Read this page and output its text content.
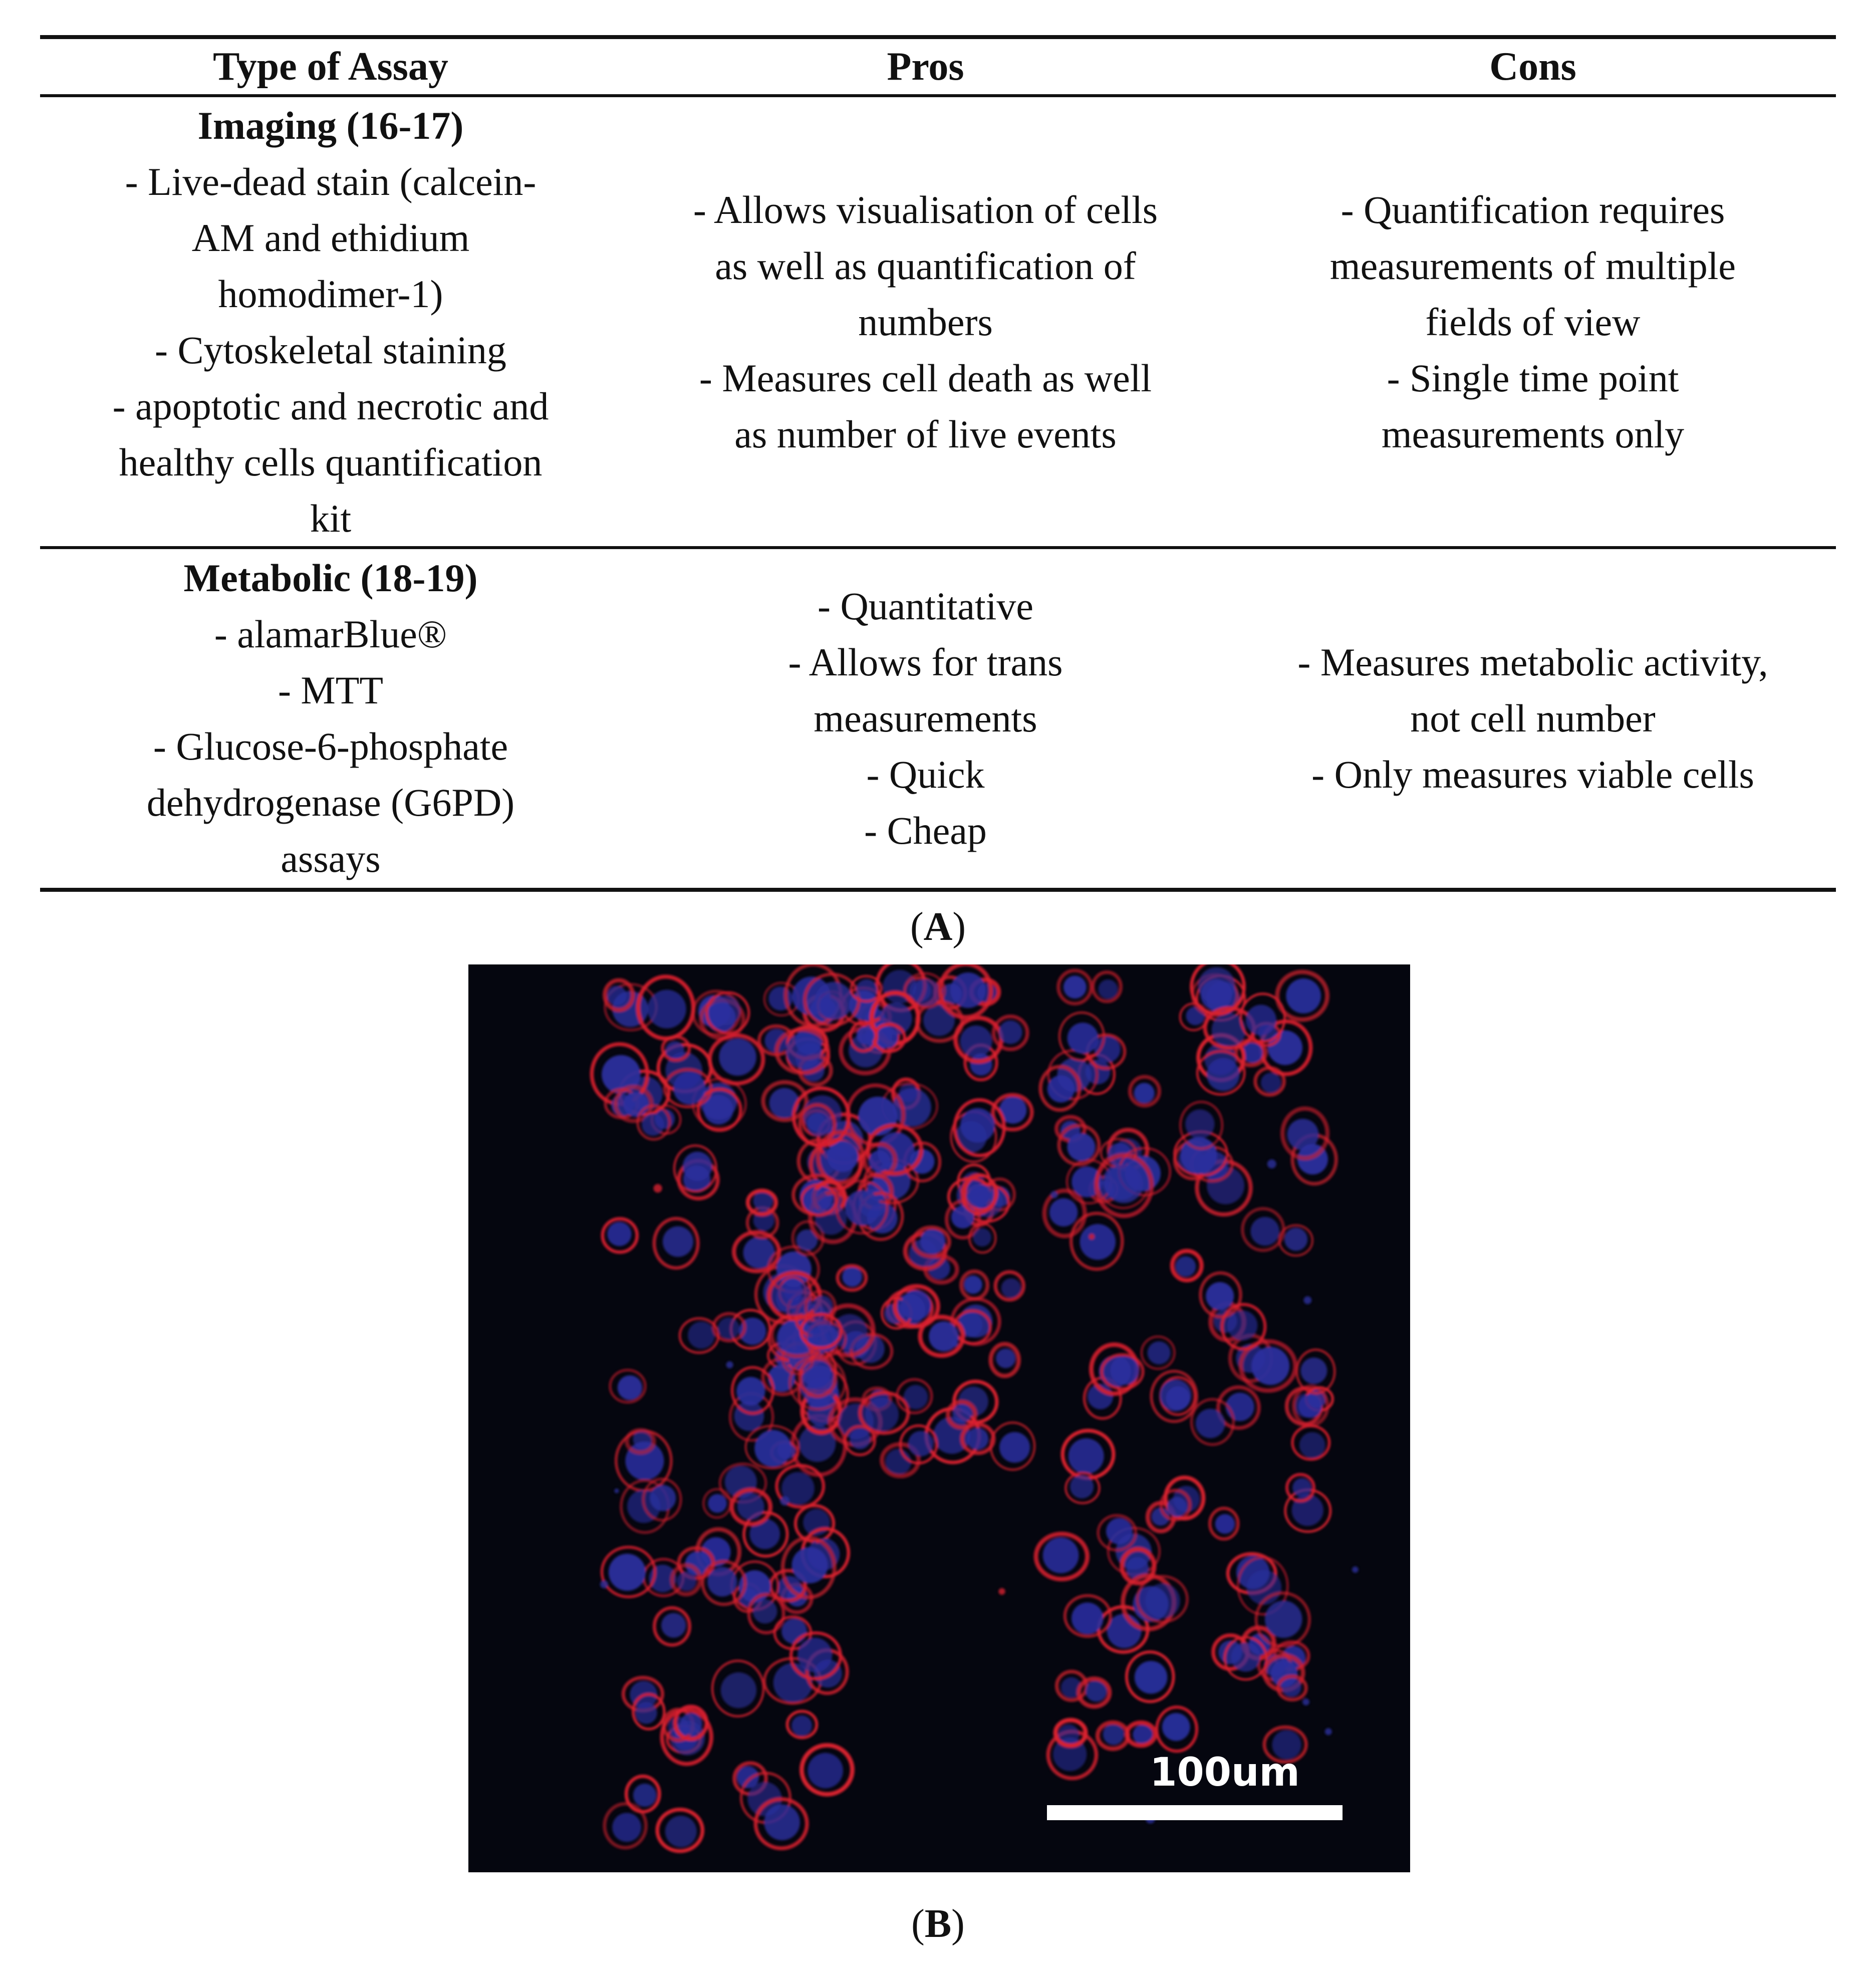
Type of Assay	Pros	Cons
Imaging (16-17)
- Live-dead stain (calcein-
AM and ethidium
homodimer-1)
- Cytoskeletal staining
- apoptotic and necrotic and
healthy cells quantification
kit
- Allows visualisation of cells
as well as quantification of
numbers
- Measures cell death as well
as number of live events
- Quantification requires
measurements of multiple
fields of view
- Single time point
measurements only
Metabolic (18-19)
- alamarBlue®
- MTT
- Glucose-6-phosphate
dehydrogenase (G6PD)
assays
- Quantitative
- Allows for trans
measurements
- Quick
- Cheap
- Measures metabolic activity,
not cell number
- Only measures viable cells
(A)
100um
(B)
